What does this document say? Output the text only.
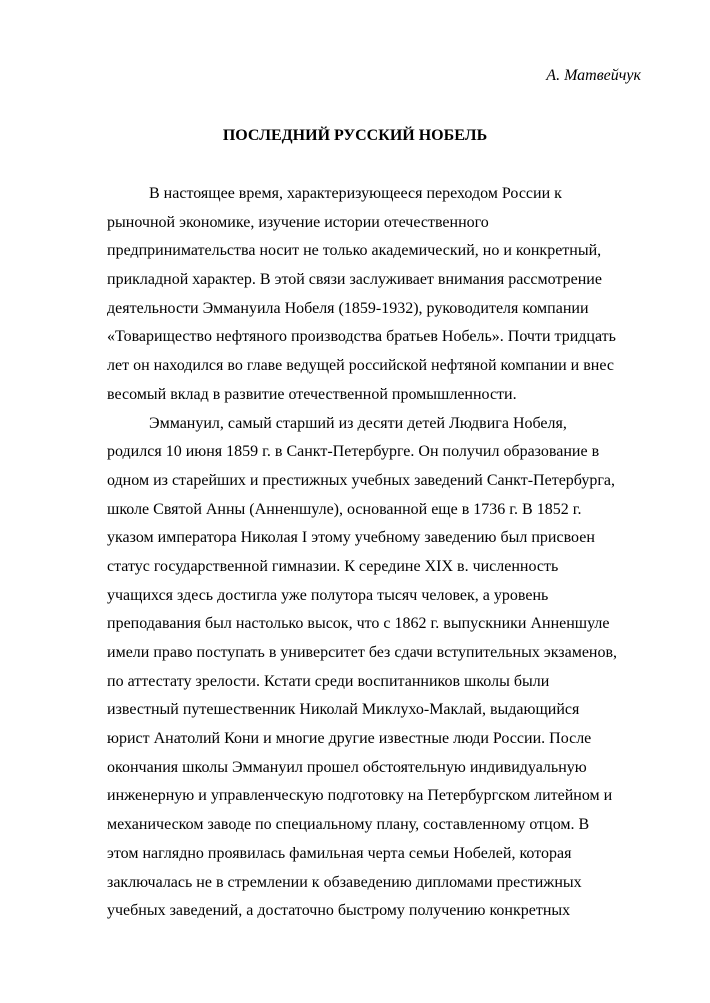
А. Матвейчук
ПОСЛЕДНИЙ РУССКИЙ НОБЕЛЬ
В настоящее время, характеризующееся переходом России к
рыночной экономике, изучение истории отечественного
предпринимательства носит не только академический, но и конкретный,
прикладной характер. В этой связи заслуживает внимания рассмотрение
деятельности Эммануила Нобеля (1859-1932), руководителя компании
«Товарищество нефтяного производства братьев Нобель». Почти тридцать
лет он находился во главе ведущей российской нефтяной компании и внес
весомый вклад в развитие отечественной промышленности.
Эммануил, самый старший из десяти детей Людвига Нобеля,
родился 10 июня 1859 г. в Санкт-Петербурге. Он получил образование в
одном из старейших и престижных учебных заведений Санкт-Петербурга,
школе Святой Анны (Анненшуле), основанной еще в 1736 г. В 1852 г.
указом императора Николая I этому учебному заведению был присвоен
статус государственной гимназии. К середине XIX в. численность
учащихся здесь достигла уже полутора тысяч человек, а уровень
преподавания был настолько высок, что с 1862 г. выпускники Анненшуле
имели право поступать в университет без сдачи вступительных экзаменов,
по аттестату зрелости. Кстати среди воспитанников школы были
известный путешественник Николай Миклухо-Маклай, выдающийся
юрист Анатолий Кони и многие другие известные люди России. После
окончания школы Эммануил прошел обстоятельную индивидуальную
инженерную и управленческую подготовку на Петербургском литейном и
механическом заводе по специальному плану, составленному отцом. В
этом наглядно проявилась фамильная черта семьи Нобелей, которая
заключалась не в стремлении к обзаведению дипломами престижных
учебных заведений, а достаточно быстрому получению конкретных
